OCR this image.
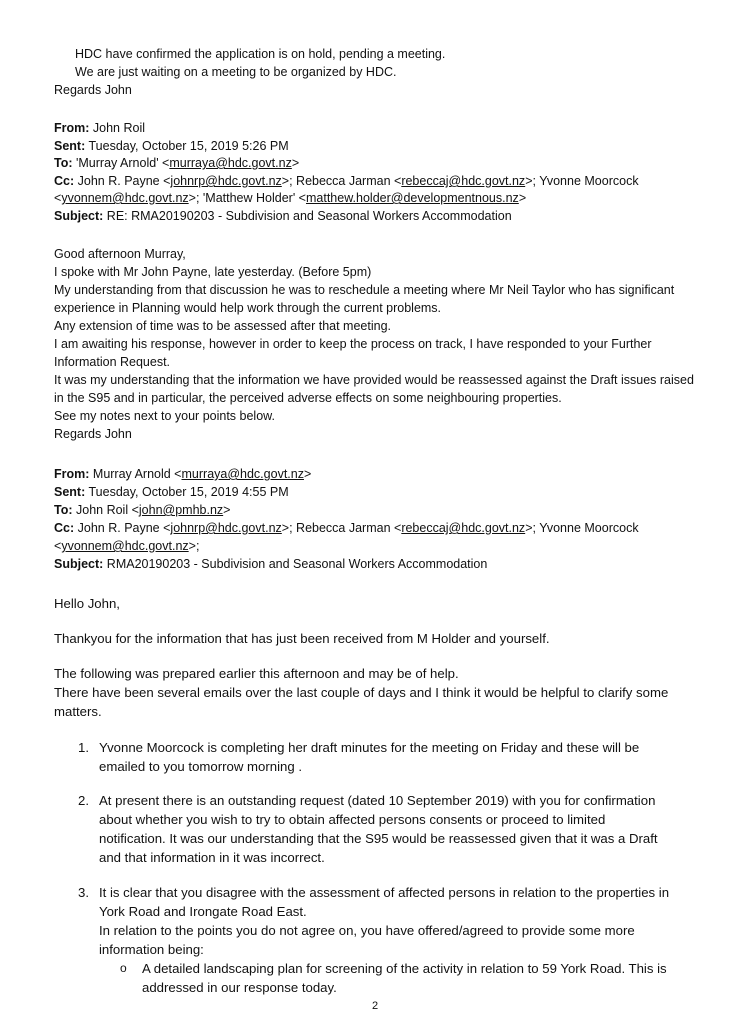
HDC have confirmed the application is on hold, pending a meeting.
We are just waiting on a meeting to be organized by HDC.
Regards John
From: John Roil
Sent: Tuesday, October 15, 2019 5:26 PM
To: 'Murray Arnold' <murraya@hdc.govt.nz>
Cc: John R. Payne <johnrp@hdc.govt.nz>; Rebecca Jarman <rebeccaj@hdc.govt.nz>; Yvonne Moorcock
<yvonnem@hdc.govt.nz>; 'Matthew Holder' <matthew.holder@developmentnous.nz>
Subject: RE: RMA20190203 - Subdivision and Seasonal Workers Accommodation
Good afternoon Murray,
I spoke with Mr John Payne, late yesterday. (Before 5pm)
My understanding from that discussion he was to reschedule a meeting where Mr Neil Taylor who has significant
experience in Planning would help work through the current problems.
Any extension of time was to be assessed after that meeting.
I am awaiting his response, however in order to keep the process on track, I have responded to your Further
Information Request.
It was my understanding that the information we have provided would be reassessed against the Draft issues raised
in the S95 and in particular, the perceived adverse effects on some neighbouring properties.
See my notes next to your points below.
Regards John
From: Murray Arnold <murraya@hdc.govt.nz>
Sent: Tuesday, October 15, 2019 4:55 PM
To: John Roil <john@pmhb.nz>
Cc: John R. Payne <johnrp@hdc.govt.nz>; Rebecca Jarman <rebeccaj@hdc.govt.nz>; Yvonne Moorcock
<yvonnem@hdc.govt.nz>;
Subject: RMA20190203 - Subdivision and Seasonal Workers Accommodation
Hello John,
Thankyou for the information that has just been received from M Holder and yourself.
The following was prepared earlier this afternoon and may be of help.
There have been several emails over the last couple of days and I think it would be helpful to clarify some
matters.
1. Yvonne Moorcock is completing her draft minutes for the meeting on Friday and these will be
emailed to you tomorrow morning .
2. At present there is an outstanding request (dated 10 September 2019) with you for confirmation
about whether you wish to try to obtain affected persons consents or proceed to limited
notification. It was our understanding that the S95 would be reassessed given that it was a Draft
and that information in it was incorrect.
3. It is clear that you disagree with the assessment of affected persons in relation to the properties in
York Road and Irongate Road East.
In relation to the points you do not agree on, you have offered/agreed to provide some more
information being:
o A detailed landscaping plan for screening of the activity in relation to 59 York Road. This is
addressed in our response today.
2
